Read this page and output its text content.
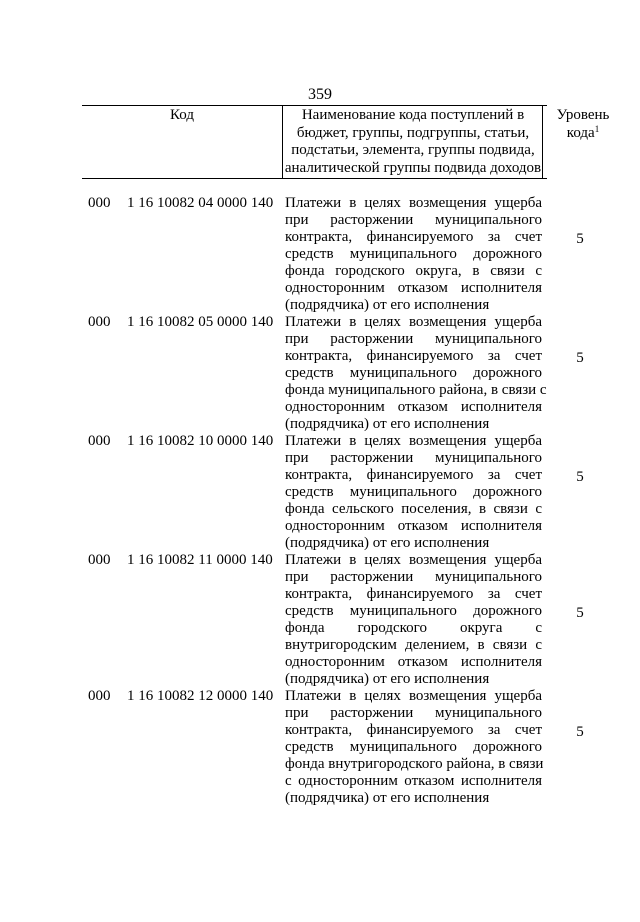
359
Код	Наименование кода поступлений в
бюджет, группы, подгруппы, статьи,
подстатьи, элемента, группы подвида,
аналитической группы подвида доходов
Уровень
кода$^1$
000 1 16 10082 04 0000 140 Платежи в целях возмещения ущерба
при расторжении муниципального
контракта, финансируемого за счет
средств муниципального дорожного
фонда городского округа, в связи с
односторонним отказом исполнителя
(подрядчика) от его исполнения
5
000 1 16 10082 05 0000 140 Платежи в целях возмещения ущерба
при расторжении муниципального
контракта, финансируемого за счет
средств муниципального дорожного
фонда муниципального района, в связи с
односторонним отказом исполнителя
(подрядчика) от его исполнения
5
000 1 16 10082 10 0000 140 Платежи в целях возмещения ущерба
при расторжении муниципального
контракта, финансируемого за счет
средств муниципального дорожного
фонда сельского поселения, в связи с
односторонним отказом исполнителя
(подрядчика) от его исполнения
5
000 1 16 10082 11 0000 140 Платежи в целях возмещения ущерба
при расторжении муниципального
контракта, финансируемого за счет
средств муниципального дорожного
фонда городского округа с
внутригородским делением, в связи с
односторонним отказом исполнителя
(подрядчика) от его исполнения
5
000 1 16 10082 12 0000 140 Платежи в целях возмещения ущерба
при расторжении муниципального
контракта, финансируемого за счет
средств муниципального дорожного
фонда внутригородского района, в связи
с односторонним отказом исполнителя
(подрядчика) от его исполнения
5
